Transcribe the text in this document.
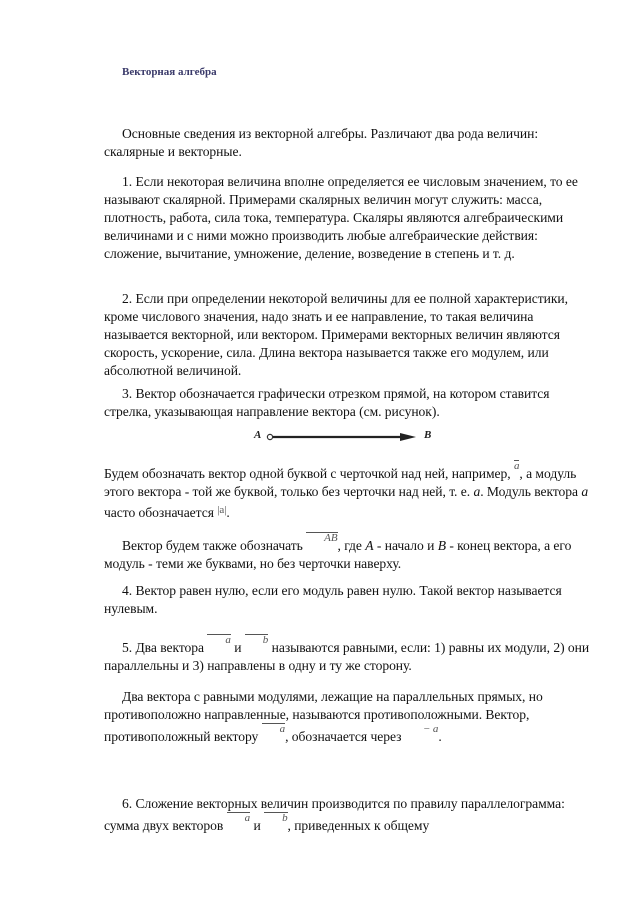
Векторная алгебра
Основные сведения из векторной алгебры. Различают два рода величин: скалярные и векторные.
1. Если некоторая величина вполне определяется ее числовым значением, то ее называют скалярной. Примерами скалярных величин могут служить: масса, плотность, работа, сила тока, температура. Скаляры являются алгебраическими величинами и с ними можно производить любые алгебраические действия: сложение, вычитание, умножение, деление, возведение в степень и т. д.
2. Если при определении некоторой величины для ее полной характеристики, кроме числового значения, надо знать и ее направление, то такая величина называется векторной, или вектором. Примерами векторных величин являются скорость, ускорение, сила. Длина вектора называется также его модулем, или абсолютной величиной.
3. Вектор обозначается графически отрезком прямой, на котором ставится стрелка, указывающая направление вектора (см. рисунок).
A	B
Будем обозначать вектор одной буквой с черточкой над ней, например, a, а модуль этого вектора - той же буквой, только без черточки над ней, т. е. a. Модуль вектора a часто обозначается $^{|a|}$.
Вектор будем также обозначать AB, где A - начало и B - конец вектора, а его модуль - теми же буквами, но без черточки наверху.
4. Вектор равен нулю, если его модуль равен нулю. Такой вектор называется нулевым.
5. Два вектора a и b называются равными, если: 1) равны их модули, 2) они параллельны и 3) направлены в одну и ту же сторону.
Два вектора с равными модулями, лежащие на параллельных прямых, но противоположно направленные, называются противоположными. Вектор, противоположный вектору a, обозначается через − a.
6. Сложение векторных величин производится по правилу параллелограмма: сумма двух векторов a и b, приведенных к общему
